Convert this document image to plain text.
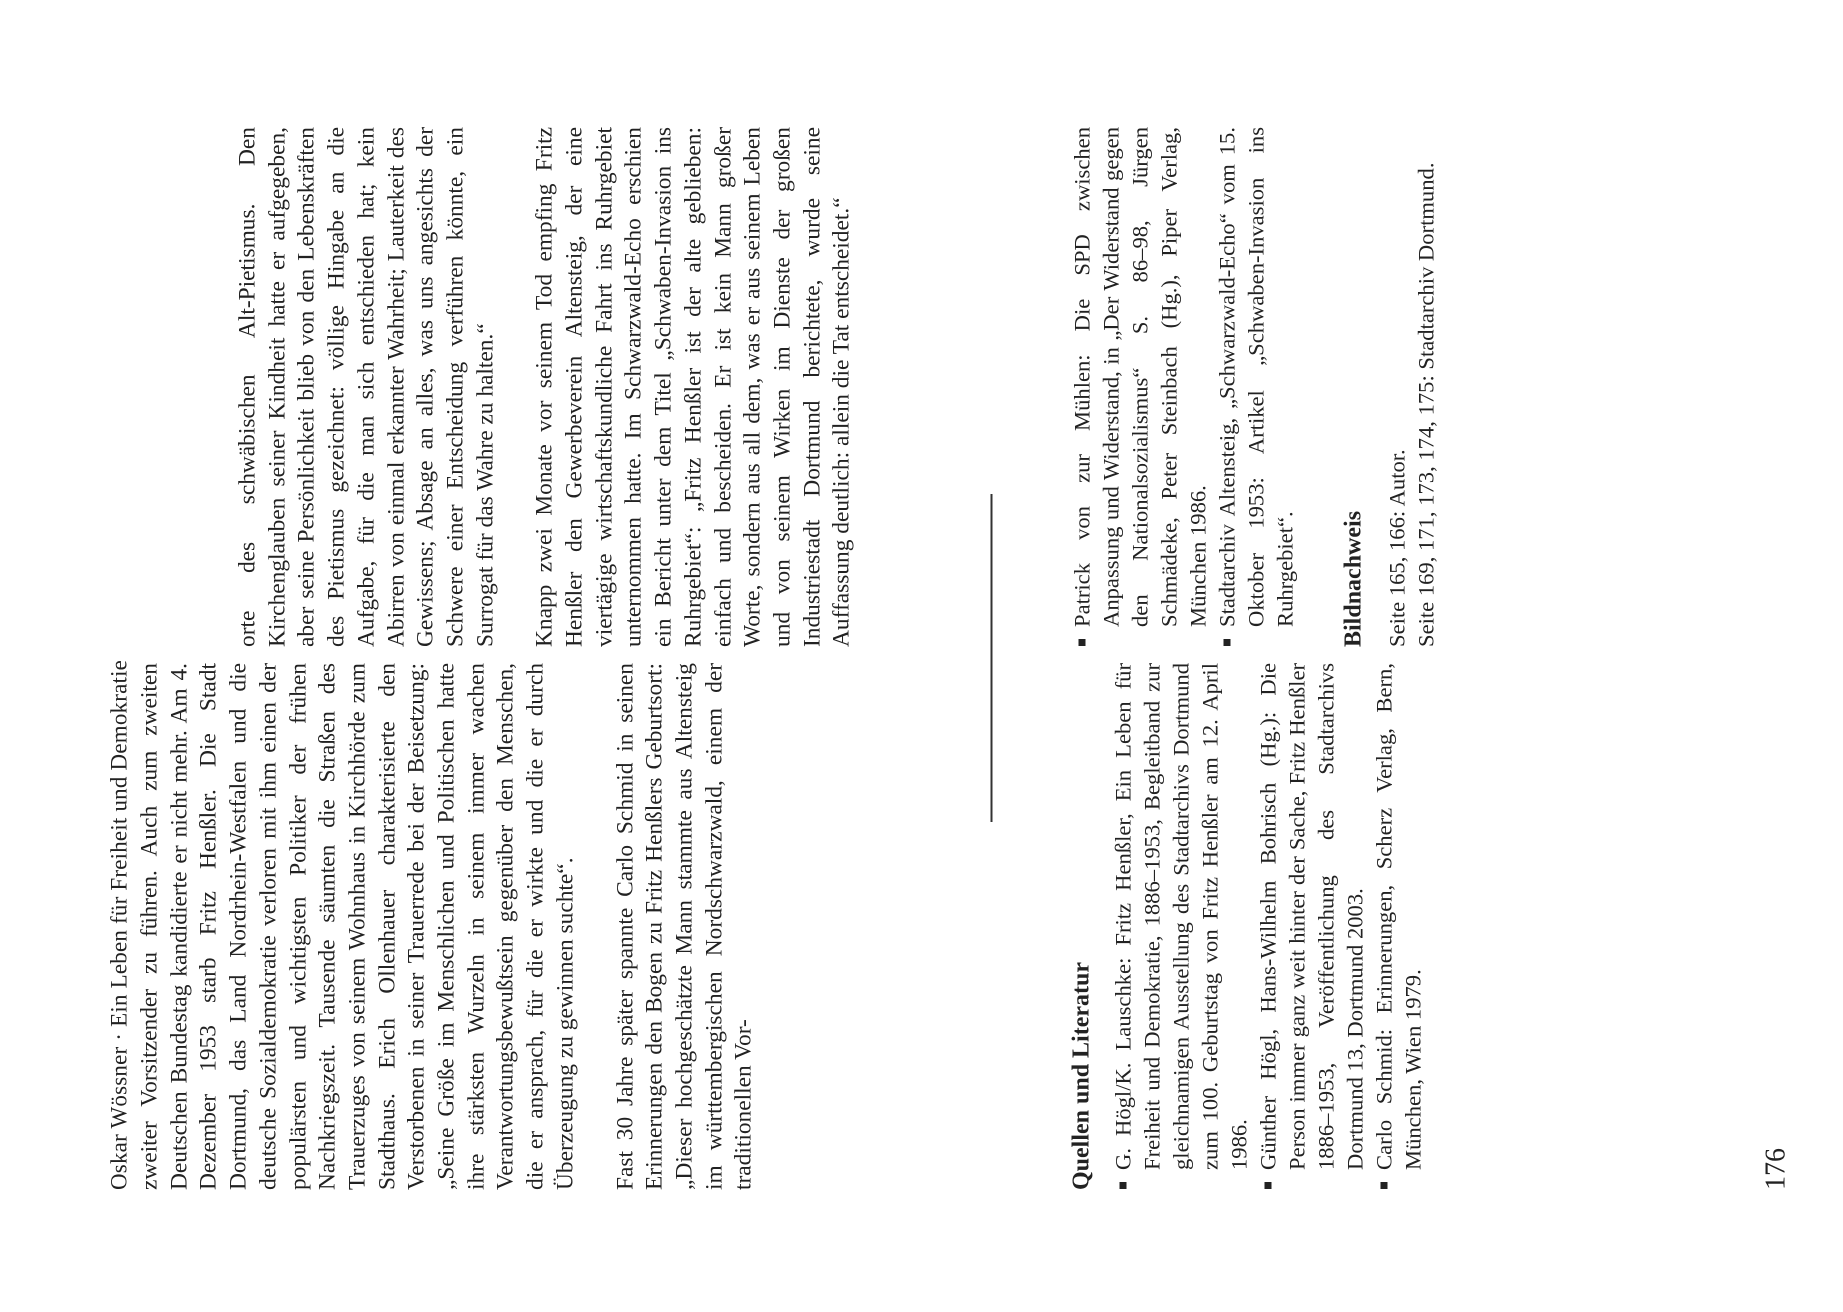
Oskar Wössner · Ein Leben für Freiheit und Demokratie zweiter Vorsitzender zu führen. Auch zum zweiten Deutschen Bundestag kandidierte er nicht mehr. Am 4. Dezember 1953 starb Fritz Henßler. Die Stadt Dortmund, das Land Nordrhein-Westfalen und die deutsche Sozialdemokratie verloren mit ihm einen der populärsten und wichtigsten Politiker der frühen Nachkriegszeit. Tausende säumten die Straßen des Trauerzuges von seinem Wohnhaus in Kirchhörde zum Stadthaus. Erich Ollenhauer charakterisierte den Verstorbenen in seiner Trauerrede bei der Beisetzung: „Seine Größe im Menschlichen und Politischen hatte ihre stärksten Wurzeln in seinem immer wachen Verantwortungsbewußtsein gegenüber den Menschen, die er ansprach, für die er wirkte und die er durch Überzeugung zu gewinnen suchte“. Fast 30 Jahre später spannte Carlo Schmid in seinen Erinnerungen den Bogen zu Fritz Henßlers Geburtsort: „Dieser hochgeschätzte Mann stammte aus Altensteig im württembergischen Nordschwarzwald, einem der traditionellen Vor-

orte des schwäbischen Alt-Pietismus. Den Kirchenglauben seiner Kindheit hatte er aufgegeben, aber seine Persönlichkeit blieb von den Lebenskräften des Pietismus gezeichnet: völlige Hingabe an die Aufgabe, für die man sich entschieden hat; kein Abirren von einmal erkannter Wahrheit; Lauterkeit des Gewissens; Absage an alles, was uns angesichts der Schwere einer Entscheidung verführen könnte, ein Surrogat für das Wahre zu halten.“ Knapp zwei Monate vor seinem Tod empfing Fritz Henßler den Gewerbeverein Altensteig, der eine viertägige wirtschaftskundliche Fahrt ins Ruhrgebiet unternommen hatte. Im Schwarzwald-Echo erschien ein Bericht unter dem Titel „Schwaben-Invasion ins Ruhrgebiet“: „Fritz Henßler ist der alte geblieben: einfach und bescheiden. Er ist kein Mann großer Worte, sondern aus all dem, was er aus seinem Leben und von seinem Wirken im Dienste der großen Industriestadt Dortmund berichtete, wurde seine Auffassung deutlich: allein die Tat entscheidet.“

Quellen und Literatur G. Högl/K. Lauschke: Fritz Henßler, Ein Leben für Freiheit und Demokratie, 1886–1953, Begleitband zur gleichnamigen Ausstellung des Stadtarchivs Dortmund zum 100. Geburtstag von Fritz Henßler am 12. April 1986. Günther Högl, Hans-Wilhelm Bohrisch (Hg.): Die Person immer ganz weit hinter der Sache, Fritz Henßler 1886–1953, Veröffentlichung des Stadtarchivs Dortmund 13, Dortmund 2003. Carlo Schmid: Erinnerungen, Scherz Verlag, Bern, München, Wien 1979.
Patrick von zur Mühlen: Die SPD zwischen Anpassung und Widerstand, in „Der Widerstand gegen den Nationalsozialismus“ S. 86–98, Jürgen Schmädeke, Peter Steinbach (Hg.), Piper Verlag, München 1986. Stadtarchiv Altensteig, „Schwarzwald-Echo“ vom 15. Oktober 1953: Artikel „Schwaben-Invasion ins Ruhrgebiet“. Bildnachweis Seite 165, 166: Autor. Seite 169, 171, 173, 174, 175: Stadtarchiv Dortmund.
176
